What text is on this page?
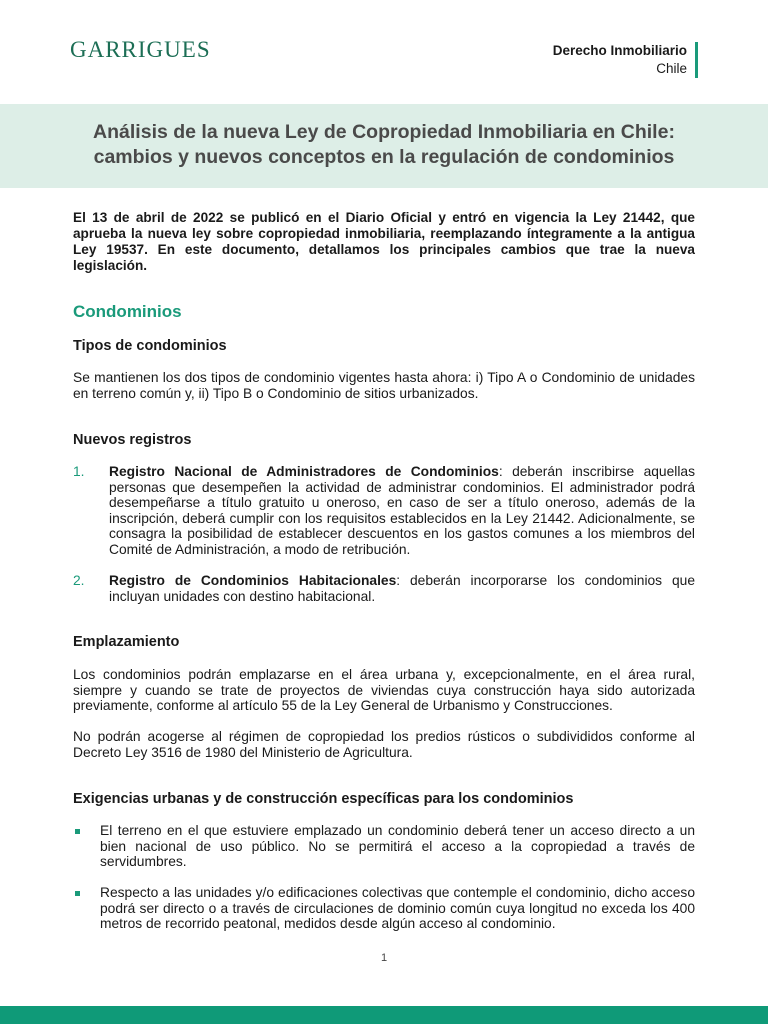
GARRIGUES	Derecho Inmobiliario
Chile
Análisis de la nueva Ley de Copropiedad Inmobiliaria en Chile:
cambios y nuevos conceptos en la regulación de condominios
El 13 de abril de 2022 se publicó en el Diario Oficial y entró en vigencia la Ley 21442, que aprueba la nueva ley sobre copropiedad inmobiliaria, reemplazando íntegramente a la antigua Ley 19537. En este documento, detallamos los principales cambios que trae la nueva legislación.
Condominios
Tipos de condominios
Se mantienen los dos tipos de condominio vigentes hasta ahora: i) Tipo A o Condominio de unidades en terreno común y, ii) Tipo B o Condominio de sitios urbanizados.
Nuevos registros
1. Registro Nacional de Administradores de Condominios: deberán inscribirse aquellas personas que desempeñen la actividad de administrar condominios. El administrador podrá desempeñarse a título gratuito u oneroso, en caso de ser a título oneroso, además de la inscripción, deberá cumplir con los requisitos establecidos en la Ley 21442. Adicionalmente, se consagra la posibilidad de establecer descuentos en los gastos comunes a los miembros del Comité de Administración, a modo de retribución.
2. Registro de Condominios Habitacionales: deberán incorporarse los condominios que incluyan unidades con destino habitacional.
Emplazamiento
Los condominios podrán emplazarse en el área urbana y, excepcionalmente, en el área rural, siempre y cuando se trate de proyectos de viviendas cuya construcción haya sido autorizada previamente, conforme al artículo 55 de la Ley General de Urbanismo y Construcciones.
No podrán acogerse al régimen de copropiedad los predios rústicos o subdivididos conforme al Decreto Ley 3516 de 1980 del Ministerio de Agricultura.
Exigencias urbanas y de construcción específicas para los condominios
El terreno en el que estuviere emplazado un condominio deberá tener un acceso directo a un bien nacional de uso público. No se permitirá el acceso a la copropiedad a través de servidumbres.
Respecto a las unidades y/o edificaciones colectivas que contemple el condominio, dicho acceso podrá ser directo o a través de circulaciones de dominio común cuya longitud no exceda los 400 metros de recorrido peatonal, medidos desde algún acceso al condominio.
1
